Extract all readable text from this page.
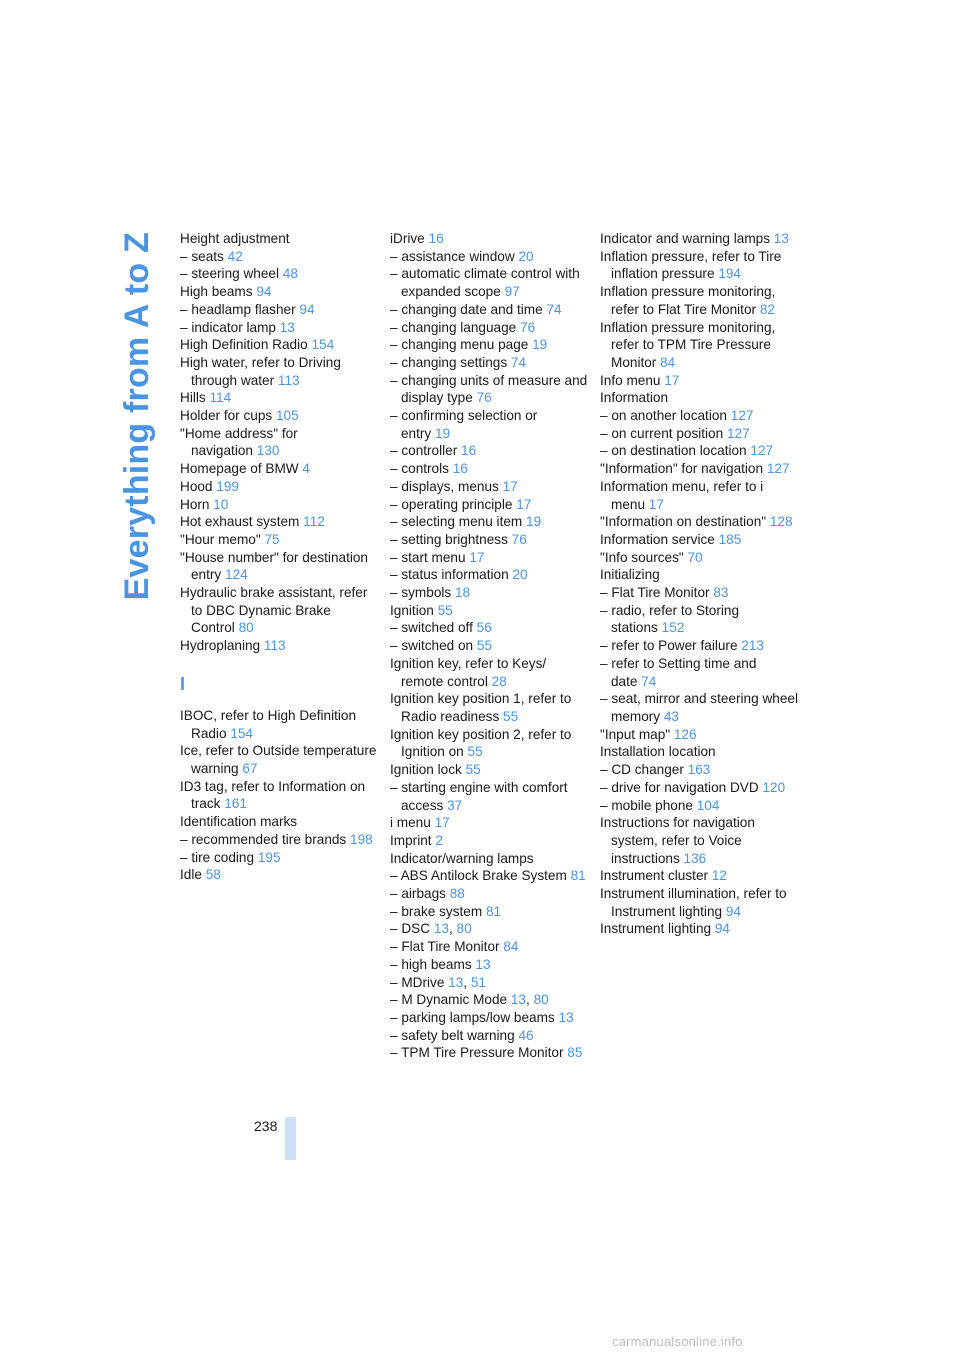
Everything from A to Z Height adjustment
– seats 42
– steering wheel 48
High beams 94
– headlamp flasher 94
– indicator lamp 13
High Definition Radio 154
High water, refer to Driving through water 113
Hills 114
Holder for cups 105
"Home address" for navigation 130
Homepage of BMW 4
Hood 199
Horn 10
Hot exhaust system 112
"Hour memo" 75
"House number" for destination entry 124
Hydraulic brake assistant, refer to DBC Dynamic Brake Control 80
Hydroplaning 113
I
IBOC, refer to High Definition Radio 154
Ice, refer to Outside temperature warning 67
ID3 tag, refer to Information on track 161
Identification marks
– recommended tire brands 198
– tire coding 195
Idle 58
iDrive 16
– assistance window 20
– automatic climate control with expanded scope 97
– changing date and time 74
– changing language 76
– changing menu page 19
– changing settings 74
– changing units of measure and display type 76
– confirming selection or entry 19
– controller 16
– controls 16
– displays, menus 17
– operating principle 17
– selecting menu item 19
– setting brightness 76
– start menu 17
– status information 20
– symbols 18
Ignition 55
– switched off 56
– switched on 55
Ignition key, refer to Keys/ remote control 28
Ignition key position 1, refer to Radio readiness 55
Ignition key position 2, refer to Ignition on 55
Ignition lock 55
– starting engine with comfort access 37
i menu 17
Imprint 2
Indicator/warning lamps
– ABS Antilock Brake System 81
– airbags 88
– brake system 81
– DSC 13, 80
– Flat Tire Monitor 84
– high beams 13
– MDrive 13, 51
– M Dynamic Mode 13, 80
– parking lamps/low beams 13
– safety belt warning 46
– TPM Tire Pressure Monitor 85
Indicator and warning lamps 13
Inflation pressure, refer to Tire inflation pressure 194
Inflation pressure monitoring, refer to Flat Tire Monitor 82
Inflation pressure monitoring, refer to TPM Tire Pressure Monitor 84
Info menu 17
Information
– on another location 127
– on current position 127
– on destination location 127
"Information" for navigation 127
Information menu, refer to i menu 17
"Information on destination" 128
Information service 185
"Info sources" 70
Initializing
– Flat Tire Monitor 83
– radio, refer to Storing stations 152
– refer to Power failure 213
– refer to Setting time and date 74
– seat, mirror and steering wheel memory 43
"Input map" 126
Installation location
– CD changer 163
– drive for navigation DVD 120
– mobile phone 104
Instructions for navigation system, refer to Voice instructions 136
Instrument cluster 12
Instrument illumination, refer to Instrument lighting 94
Instrument lighting 94
238
carmanualsonline.info
